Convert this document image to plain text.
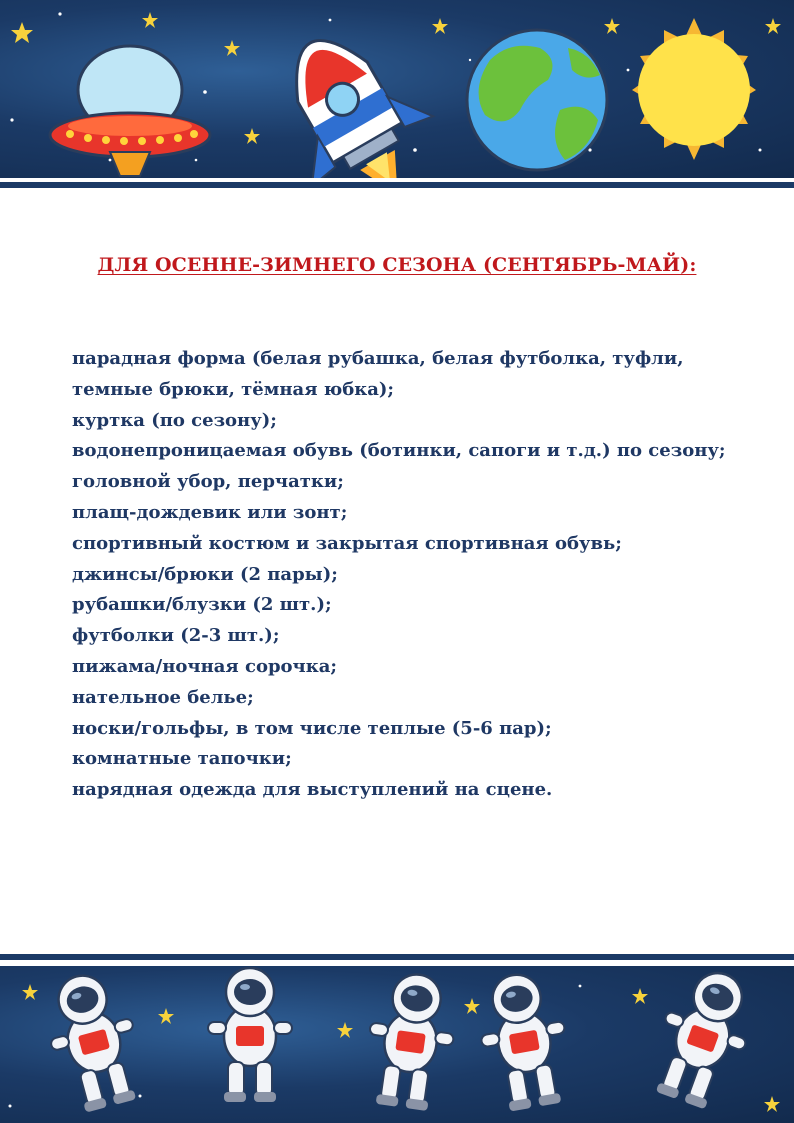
ДЛЯ ОСЕННЕ-ЗИМНЕГО СЕЗОНА (СЕНТЯБРЬ-МАЙ):
парадная форма (белая рубашка, белая футболка, туфли, темные брюки, тёмная юбка);
куртка (по сезону);
водонепроницаемая обувь (ботинки, сапоги и т.д.) по сезону;
головной убор, перчатки;
плащ-дождевик или зонт;
спортивный костюм и закрытая спортивная обувь;
джинсы/брюки (2 пары);
рубашки/блузки (2 шт.);
футболки (2-3 шт.);
пижама/ночная сорочка;
нательное белье;
носки/гольфы, в том числе теплые (5-6 пар);
комнатные тапочки;
нарядная одежда для выступлений на сцене.
